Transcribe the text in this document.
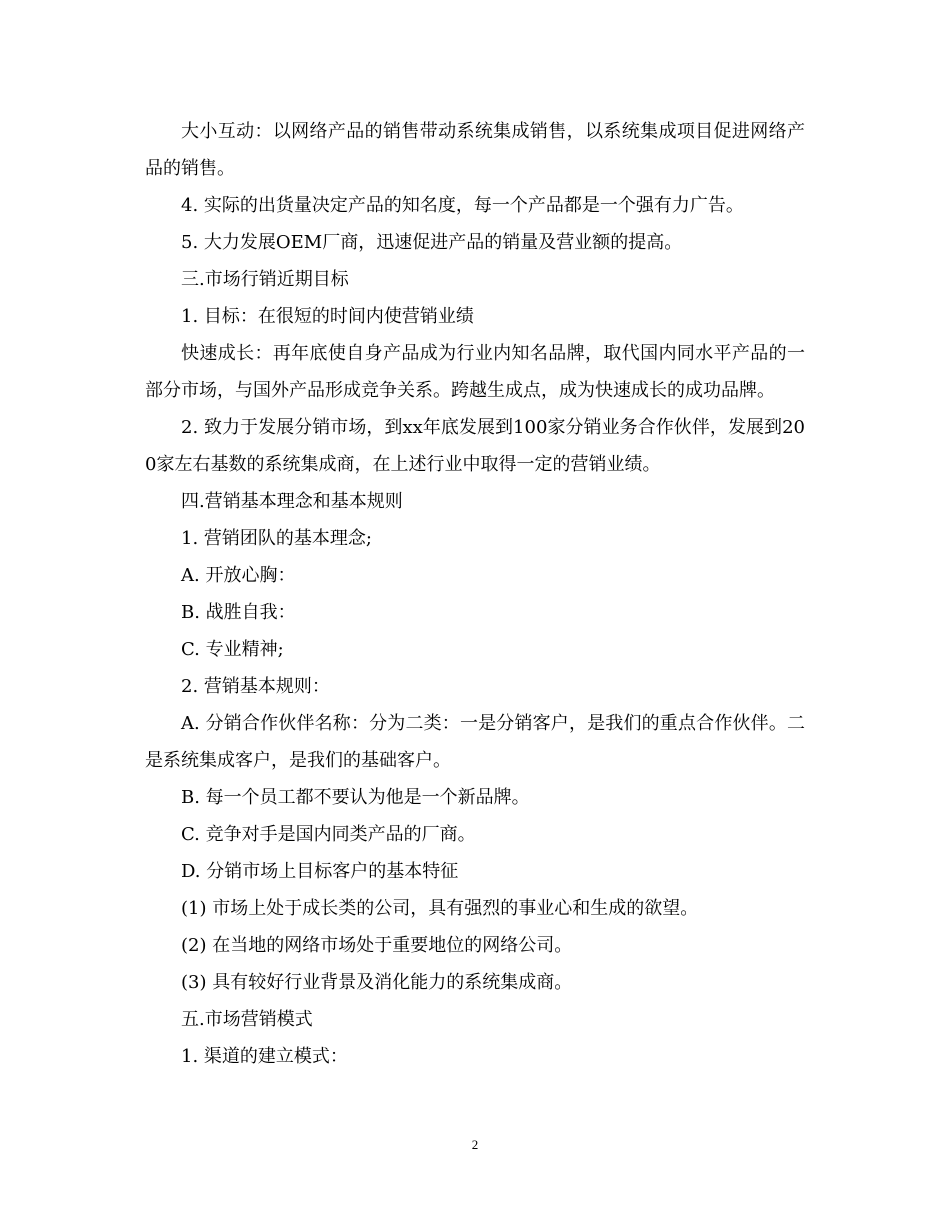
大小互动：以网络产品的销售带动系统集成销售，以系统集成项目促进网络产品的销售。

4. 实际的出货量决定产品的知名度，每一个产品都是一个强有力广告。

5. 大力发展OEM厂商，迅速促进产品的销量及营业额的提高。

三.市场行销近期目标

1. 目标：在很短的时间内使营销业绩

快速成长：再年底使自身产品成为行业内知名品牌，取代国内同水平产品的一部分市场，与国外产品形成竞争关系。跨越生成点，成为快速成长的成功品牌。

2. 致力于发展分销市场，到xx年底发展到100家分销业务合作伙伴，发展到200家左右基数的系统集成商，在上述行业中取得一定的营销业绩。

四.营销基本理念和基本规则

1. 营销团队的基本理念;

A. 开放心胸：

B. 战胜自我：

C. 专业精神;

2. 营销基本规则：

A. 分销合作伙伴名称：分为二类：一是分销客户，是我们的重点合作伙伴。二是系统集成客户，是我们的基础客户。

B. 每一个员工都不要认为他是一个新品牌。

C. 竞争对手是国内同类产品的厂商。

D. 分销市场上目标客户的基本特征

(1) 市场上处于成长类的公司，具有强烈的事业心和生成的欲望。

(2) 在当地的网络市场处于重要地位的网络公司。

(3) 具有较好行业背景及消化能力的系统集成商。

五.市场营销模式

1. 渠道的建立模式：

2
